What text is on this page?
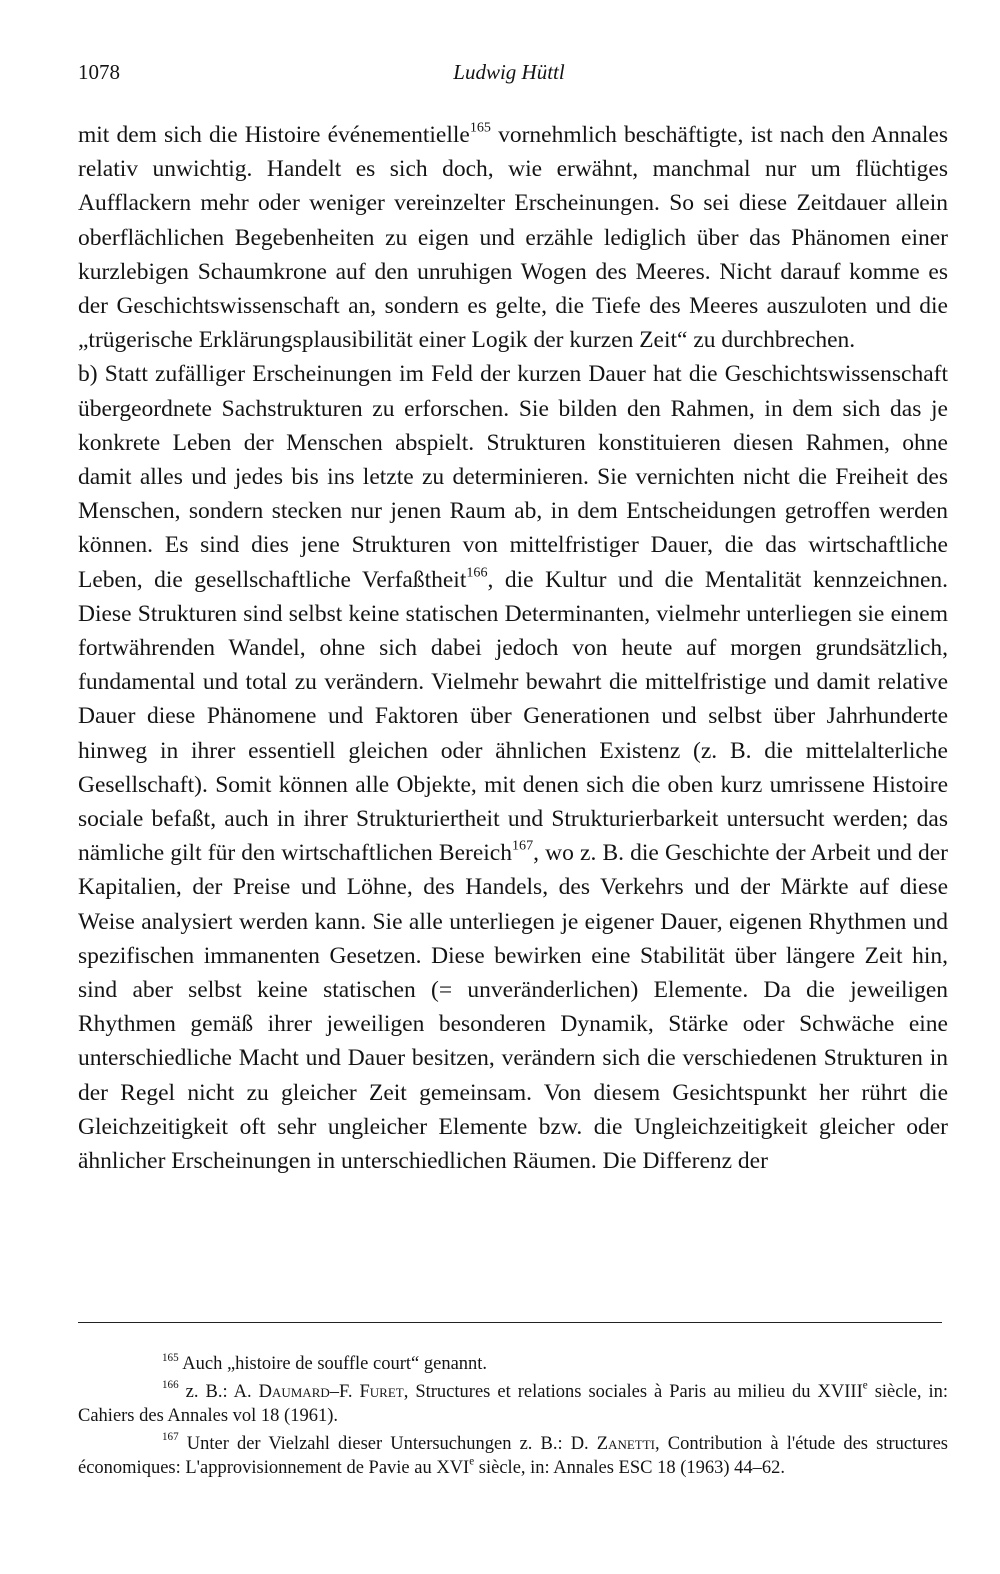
1078	Ludwig Hüttl

mit dem sich die Histoire événementielle$^{165}$ vornehmlich beschäftigte, ist nach den Annales relativ unwichtig. Handelt es sich doch, wie erwähnt, manchmal nur um flüchtiges Aufflackern mehr oder weniger vereinzelter Erscheinungen. So sei diese Zeitdauer allein oberflächlichen Begebenheiten zu eigen und erzähle lediglich über das Phänomen einer kurzlebigen Schaumkrone auf den unruhigen Wogen des Meeres. Nicht darauf komme es der Geschichtswissenschaft an, sondern es gelte, die Tiefe des Meeres auszuloten und die „trügerische Erklärungsplausibilität einer Logik der kurzen Zeit“ zu durchbrechen.

b) Statt zufälliger Erscheinungen im Feld der kurzen Dauer hat die Geschichtswissenschaft übergeordnete Sachstrukturen zu erforschen. Sie bilden den Rahmen, in dem sich das je konkrete Leben der Menschen abspielt. Strukturen konstituieren diesen Rahmen, ohne damit alles und jedes bis ins letzte zu determinieren. Sie vernichten nicht die Freiheit des Menschen, sondern stecken nur jenen Raum ab, in dem Entscheidungen getroffen werden können. Es sind dies jene Strukturen von mittelfristiger Dauer, die das wirtschaftliche Leben, die gesellschaftliche Verfaßtheit$^{166}$, die Kultur und die Mentalität kennzeichnen. Diese Strukturen sind selbst keine statischen Determinanten, vielmehr unterliegen sie einem fortwährenden Wandel, ohne sich dabei jedoch von heute auf morgen grundsätzlich, fundamental und total zu verändern. Vielmehr bewahrt die mittelfristige und damit relative Dauer diese Phänomene und Faktoren über Generationen und selbst über Jahrhunderte hinweg in ihrer essentiell gleichen oder ähnlichen Existenz (z. B. die mittelalterliche Gesellschaft). Somit können alle Objekte, mit denen sich die oben kurz umrissene Histoire sociale befaßt, auch in ihrer Strukturiertheit und Strukturierbarkeit untersucht werden; das nämliche gilt für den wirtschaftlichen Bereich$^{167}$, wo z. B. die Geschichte der Arbeit und der Kapitalien, der Preise und Löhne, des Handels, des Verkehrs und der Märkte auf diese Weise analysiert werden kann. Sie alle unterliegen je eigener Dauer, eigenen Rhythmen und spezifischen immanenten Gesetzen. Diese bewirken eine Stabilität über längere Zeit hin, sind aber selbst keine statischen (= unveränderlichen) Elemente. Da die jeweiligen Rhythmen gemäß ihrer jeweiligen besonderen Dynamik, Stärke oder Schwäche eine unterschiedliche Macht und Dauer besitzen, verändern sich die verschiedenen Strukturen in der Regel nicht zu gleicher Zeit gemeinsam. Von diesem Gesichtspunkt her rührt die Gleichzeitigkeit oft sehr ungleicher Elemente bzw. die Ungleichzeitigkeit gleicher oder ähnlicher Erscheinungen in unterschiedlichen Räumen. Die Differenz der

$^{165}$ Auch „histoire de souffle court“ genannt.

$^{166}$ z. B.: A. Daumard–F. Furet, Structures et relations sociales à Paris au milieu du XVIIIe siècle, in: Cahiers des Annales vol 18 (1961).

$^{167}$ Unter der Vielzahl dieser Untersuchungen z. B.: D. Zanetti, Contribution à l'étude des structures économiques: L'approvisionnement de Pavie au XVIe siècle, in: Annales ESC 18 (1963) 44–62.
